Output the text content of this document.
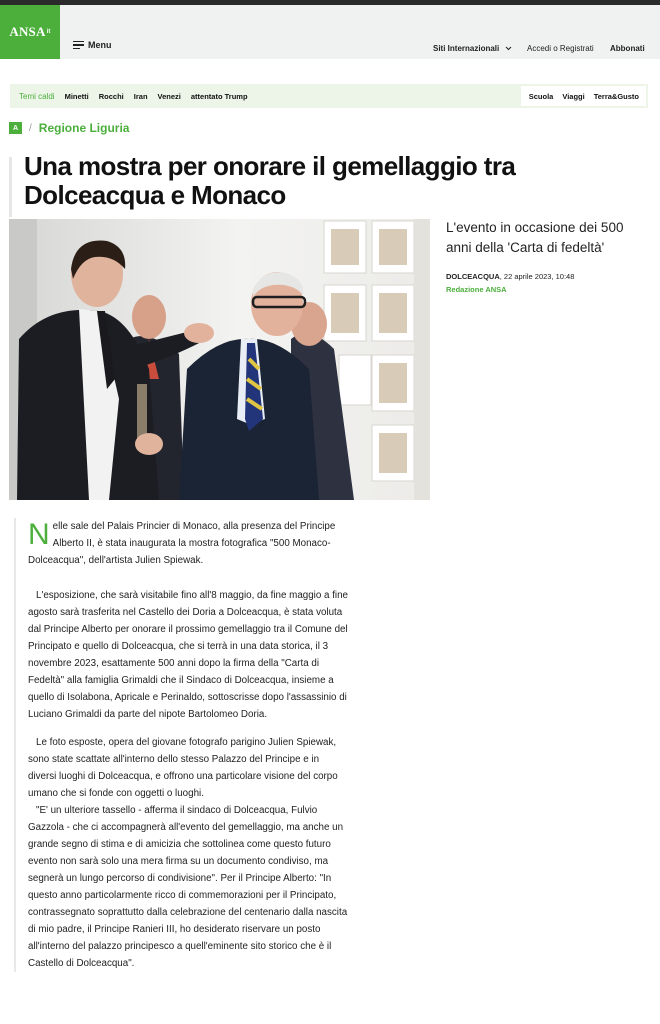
ANSA it
Menu	Siti Internazionali	Accedi o Registrati Abbonati
Temi caldi Minetti Rocchi Iran Venezi attentato Trump	Scuola Viaggi Terra&Gusto
A	/ Regione Liguria
Una mostra per onorare il gemellaggio tra Dolceacqua e Monaco

L'evento in occasione dei 500 anni della 'Carta di fedeltà'

DOLCEACQUA, 22 aprile 2023, 10:48
Redazione ANSA

Nelle sale del Palais Princier di Monaco, alla presenza del Principe Alberto II, è stata inaugurata la mostra fotografica "500 Monaco-Dolceacqua", dell'artista Julien Spiewak.

L'esposizione, che sarà visitabile fino all'8 maggio, da fine maggio a fine agosto sarà trasferita nel Castello dei Doria a Dolceacqua, è stata voluta dal Principe Alberto per onorare il prossimo gemellaggio tra il Comune del Principato e quello di Dolceacqua, che si terrà in una data storica, il 3 novembre 2023, esattamente 500 anni dopo la firma della "Carta di Fedeltà" alla famiglia Grimaldi che il Sindaco di Dolceacqua, insieme a quello di Isolabona, Apricale e Perinaldo, sottoscrisse dopo l'assassinio di Luciano Grimaldi da parte del nipote Bartolomeo Doria.

Le foto esposte, opera del giovane fotografo parigino Julien Spiewak, sono state scattate all'interno dello stesso Palazzo del Principe e in diversi luoghi di Dolceacqua, e offrono una particolare visione del corpo umano che si fonde con oggetti o luoghi.

"E' un ulteriore tassello - afferma il sindaco di Dolceacqua, Fulvio Gazzola - che ci accompagnerà all'evento del gemellaggio, ma anche un grande segno di stima e di amicizia che sottolinea come questo futuro evento non sarà solo una mera firma su un documento condiviso, ma segnerà un lungo percorso di condivisione". Per il Principe Alberto: "In questo anno particolarmente ricco di commemorazioni per il Principato, contrassegnato soprattutto dalla celebrazione del centenario dalla nascita di mio padre, il Principe Ranieri III, ho desiderato riservare un posto all'interno del palazzo principesco a quell'eminente sito storico che è il Castello di Dolceacqua".
